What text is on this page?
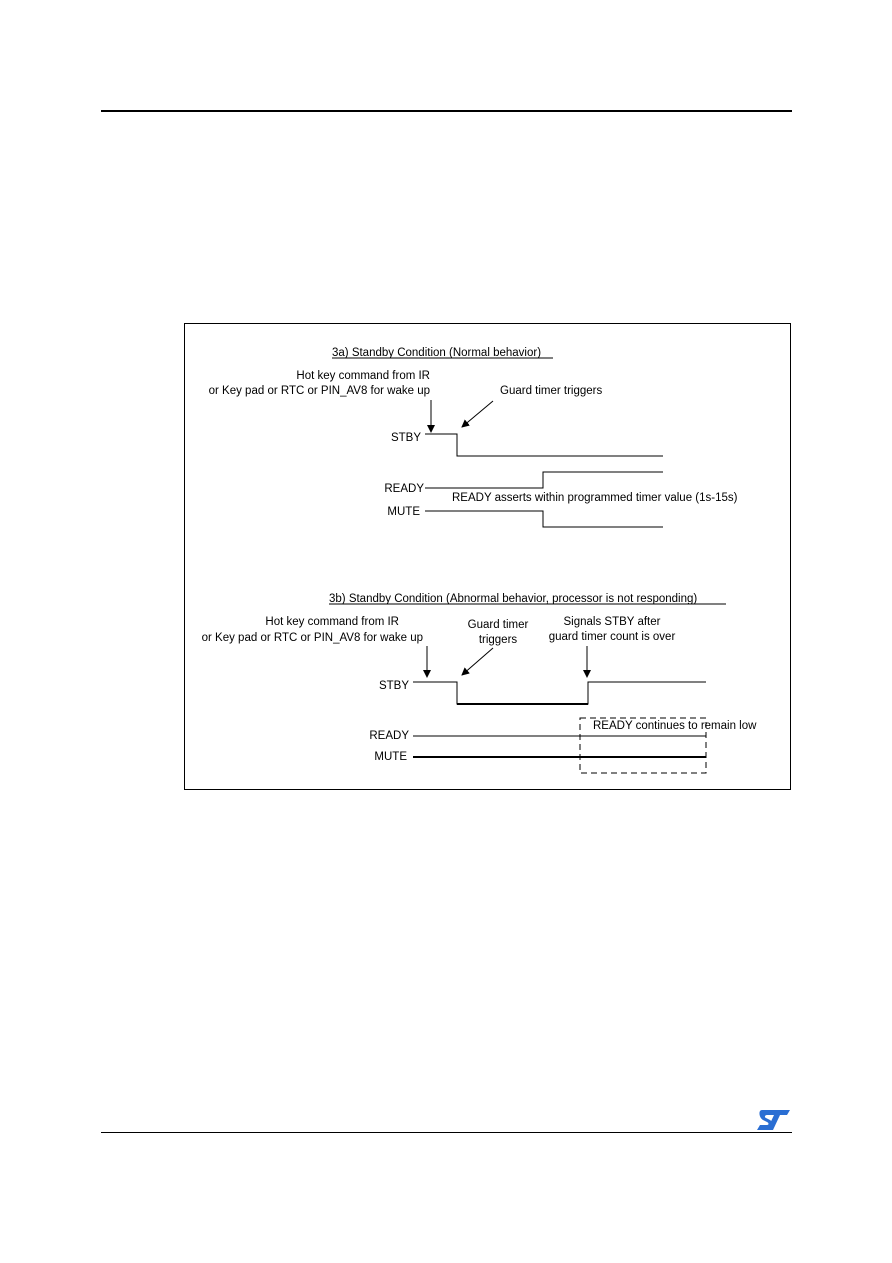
3a) Standby Condition (Normal behavior)
Hot key command from IR
or Key pad or RTC or PIN_AV8 for wake up	Guard timer triggers
STBY
READY
READY asserts within programmed timer value (1s-15s)
MUTE
3b) Standby Condition (Abnormal behavior, processor is not responding)
Hot key command from IR
or Key pad or RTC or PIN_AV8 for wake up
Guard timer
triggers
Signals STBY after
guard timer count is over
STBY
READY continues to remain low
READY
MUTE
